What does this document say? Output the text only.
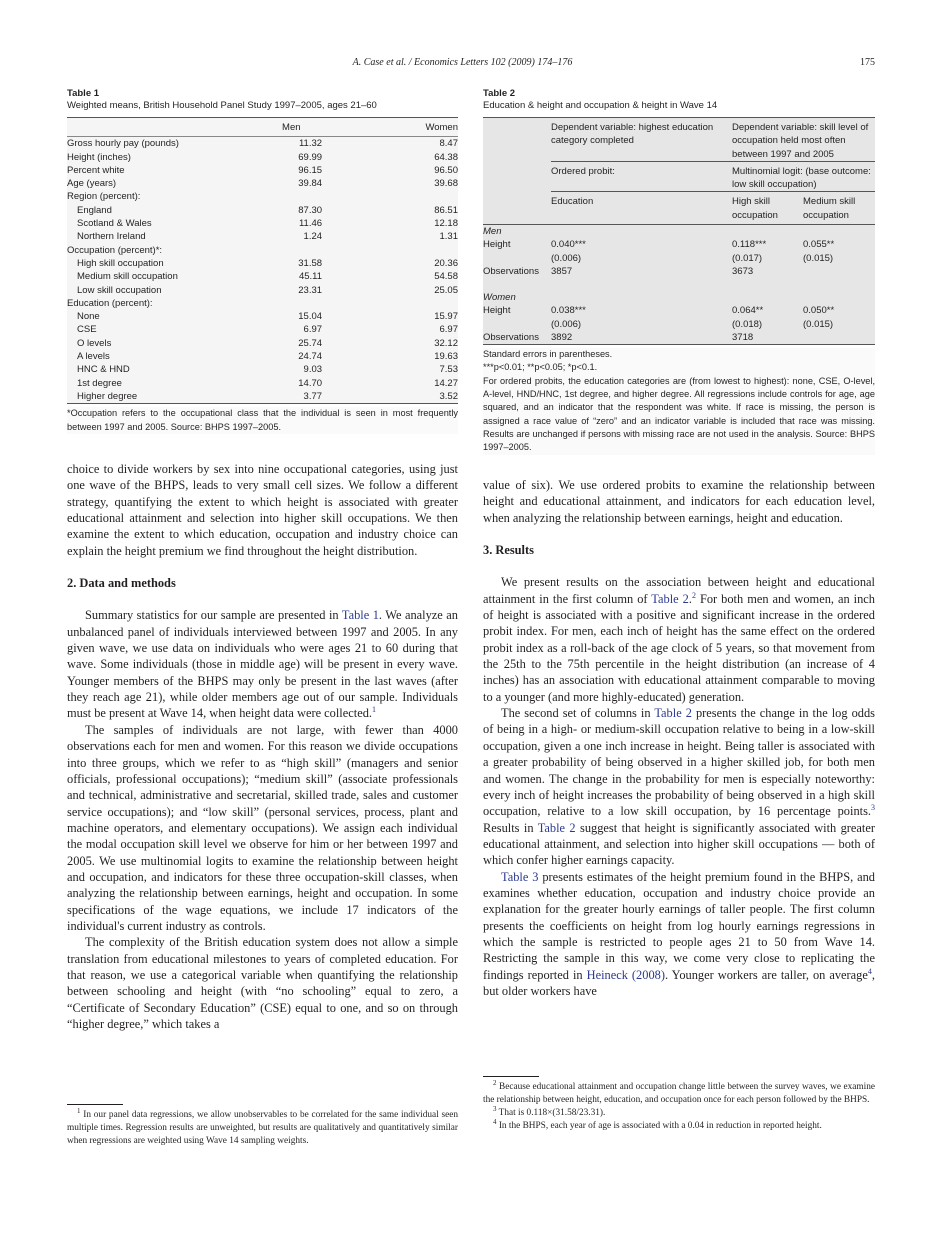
A. Case et al. / Economics Letters 102 (2009) 174–176	175
Table 1
Weighted means, British Household Panel Study 1997–2005, ages 21–60
	Men	Women
Gross hourly pay (pounds)	11.32	8.47
Height (inches)	69.99	64.38
Percent white	96.15	96.50
Age (years)	39.84	39.68
Region (percent):		
England	87.30	86.51
Scotland & Wales	11.46	12.18
Northern Ireland	1.24	1.31
Occupation (percent)*:		
High skill occupation	31.58	20.36
Medium skill occupation	45.11	54.58
Low skill occupation	23.31	25.05
Education (percent):		
None	15.04	15.97
CSE	6.97	6.97
O levels	25.74	32.12
A levels	24.74	19.63
HNC & HND	9.03	7.53
1st degree	14.70	14.27
Higher degree	3.77	3.52
*Occupation refers to the occupational class that the individual is seen in most frequently between 1997 and 2005. Source: BHPS 1997–2005.
Table 2
Education & height and occupation & height in Wave 14
	Dependent variable: highest education category completed	Dependent variable: skill level of occupation held most often between 1997 and 2005	
	Ordered probit:	Multinomial logit: (base outcome: low skill occupation)	
	Education	High skill occupation	Medium skill occupation
Men			
Height	0.040***	0.118***	0.055**
	(0.006)	(0.017)	(0.015)
Observations	3857	3673	
Women			
Height	0.038***	0.064**	0.050**
	(0.006)	(0.018)	(0.015)
Observations	3892	3718	
Standard errors in parentheses.
***p<0.01; **p<0.05; *p<0.1.
For ordered probits, the education categories are (from lowest to highest): none, CSE, O-level, A-level, HND/HNC, 1st degree, and higher degree. All regressions include controls for age, age squared, and an indicator that the respondent was white. If race is missing, the person is assigned a race value of “zero” and an indicator variable is included that race was missing. Results are unchanged if persons with missing race are not used in the analysis. Source: BHPS 1997–2005.

choice to divide workers by sex into nine occupational categories, using just one wave of the BHPS, leads to very small cell sizes. We follow a different strategy, quantifying the extent to which height is associated with greater educational attainment and selection into higher skill occupations. We then examine the extent to which education, occupation and industry choice can explain the height premium we find throughout the height distribution.

2. Data and methods

Summary statistics for our sample are presented in Table 1. We analyze an unbalanced panel of individuals interviewed between 1997 and 2005. In any given wave, we use data on individuals who were ages 21 to 60 during that wave. Some individuals (those in middle age) will be present in every wave. Younger members of the BHPS may only be present in the last waves (after they reach age 21), while older members age out of our sample. Individuals must be present at Wave 14, when height data were collected.$^1$

The samples of individuals are not large, with fewer than 4000 observations each for men and women. For this reason we divide occupations into three groups, which we refer to as “high skill” (managers and senior officials, professional occupations); “medium skill” (associate professionals and technical, administrative and secretarial, skilled trade, sales and customer service occupations); and “low skill” (personal services, process, plant and machine operators, and elementary occupations). We assign each individual the modal occupation skill level we observe for him or her between 1997 and 2005. We use multinomial logits to examine the relationship between height and occupation, and indicators for these three occupation-skill classes, when analyzing the relationship between earnings, height and occupation. In some specifications of the wage equations, we include 17 indicators of the individual's current industry as controls.

The complexity of the British education system does not allow a simple translation from educational milestones to years of completed education. For that reason, we use a categorical variable when quantifying the relationship between schooling and height (with “no schooling” equal to zero, a “Certificate of Secondary Education” (CSE) equal to one, and so on through “higher degree,” which takes a

$^1$ In our panel data regressions, we allow unobservables to be correlated for the same individual seen multiple times. Regression results are unweighted, but results are qualitatively and quantitatively similar when regressions are weighted using Wave 14 sampling weights.

value of six). We use ordered probits to examine the relationship between height and educational attainment, and indicators for each education level, when analyzing the relationship between earnings, height and education.

3. Results

We present results on the association between height and educational attainment in the first column of Table 2.$^2$ For both men and women, an inch of height is associated with a positive and significant increase in the ordered probit index. For men, each inch of height has the same effect on the ordered probit index as a roll-back of the age clock of 5 years, so that movement from the 25th to the 75th percentile in the height distribution (an increase of 4 inches) has an association with educational attainment comparable to moving to a younger (and more highly-educated) generation.

The second set of columns in Table 2 presents the change in the log odds of being in a high- or medium-skill occupation relative to being in a low-skill occupation, given a one inch increase in height. Being taller is associated with a greater probability of being observed in a higher skilled job, for both men and women. The change in the probability for men is especially noteworthy: every inch of height increases the probability of being observed in a high skill occupation, relative to a low skill occupation, by 16 percentage points.$^3$ Results in Table 2 suggest that height is significantly associated with greater educational attainment, and selection into higher skill occupations — both of which confer higher earnings capacity.

Table 3 presents estimates of the height premium found in the BHPS, and examines whether education, occupation and industry choice provide an explanation for the greater hourly earnings of taller people. The first column presents the coefficients on height from log hourly earnings regressions in which the sample is restricted to people ages 21 to 50 from Wave 14. Restricting the sample in this way, we come very close to replicating the findings reported in Heineck (2008). Younger workers are taller, on average$^4$, but older workers have

$^2$ Because educational attainment and occupation change little between the survey waves, we examine the relationship between height, education, and occupation once for each person followed by the BHPS.

$^3$ That is 0.118×(31.58/23.31).

$^4$ In the BHPS, each year of age is associated with a 0.04 in reduction in reported height.
